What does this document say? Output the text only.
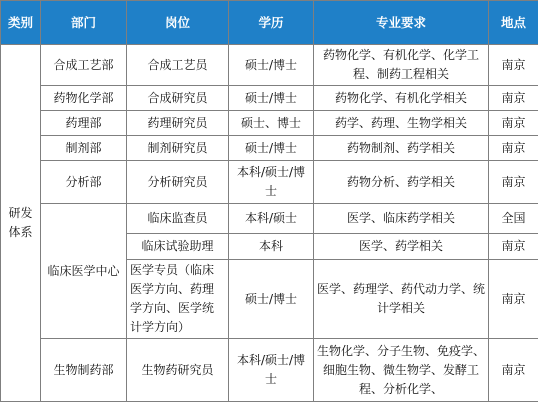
类别	部门	岗位	学历	专业要求	地点
研发体系	合成工艺部	合成工艺员	硕士/博士	药物化学、有机化学、化学工程、制药工程相关	南京
	药物化学部	合成研究员	硕士/博士	药物化学、有机化学相关	南京
	药理部	药理研究员	硕士、博士	药学、药理、生物学相关	南京
	制剂部	制剂研究员	硕士/博士	药物制剂、药学相关	南京
	分析部	分析研究员	本科/硕士/博士	药物分析、药学相关	南京
	临床医学中心	临床监查员	本科/硕士	医学、临床药学相关	全国
		临床试验助理	本科	医学、药学相关	南京
		医学专员（临床医学方向、药理学方向、医学统计学方向）	硕士/博士	医学、药理学、药代动力学、统计学相关	南京
	生物制药部	生物药研究员	本科/硕士/博士	生物化学、分子生物、免疫学、细胞生物、微生物学、发酵工程、分析化学、	南京
